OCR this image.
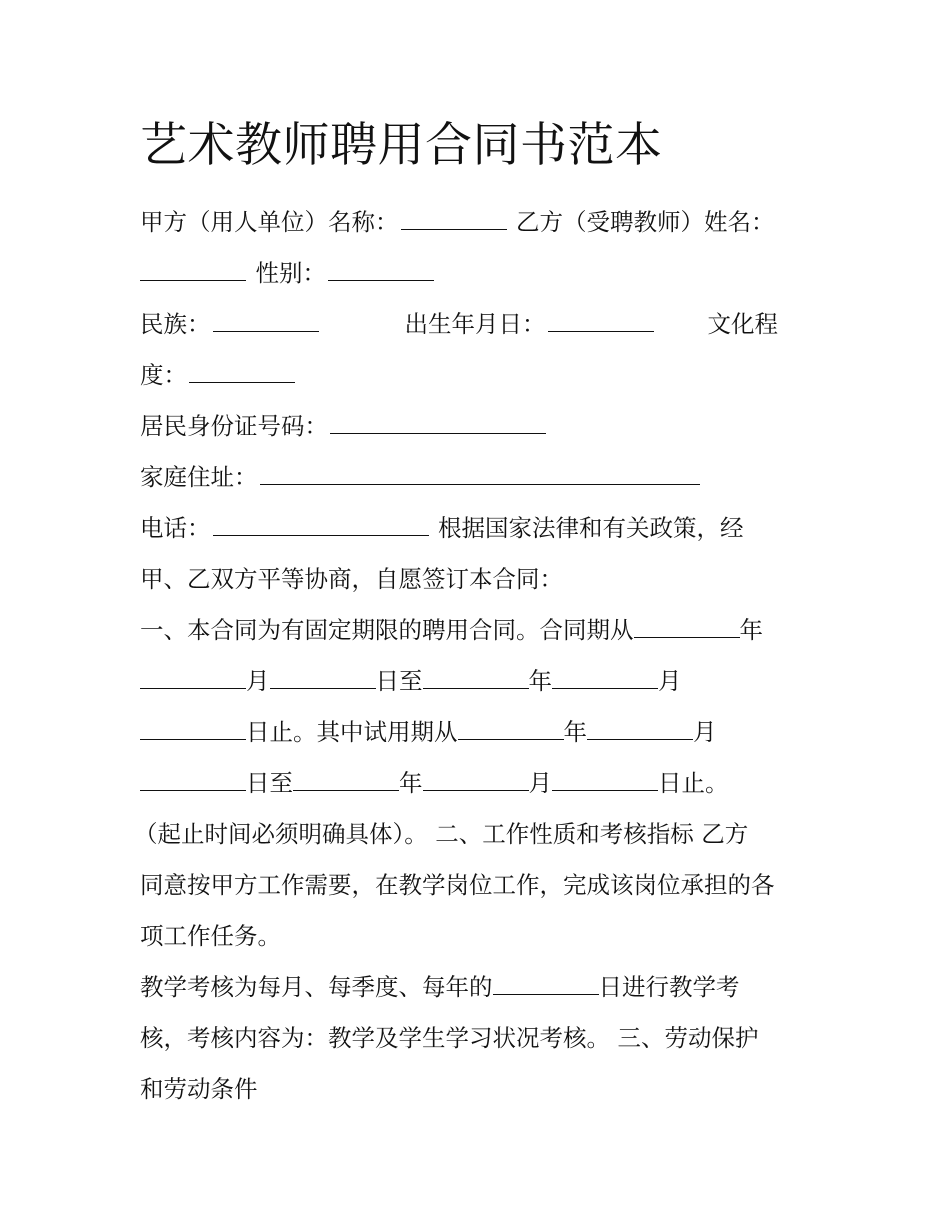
艺术教师聘用合同书范本
甲方（用人单位）名称：	乙方（受聘教师）姓名：
性别：
民族：	出生年月日：	文化程
度：
居民身份证号码：
家庭住址：
电话：	根据国家法律和有关政策，经
甲、乙双方平等协商，自愿签订本合同：
一、本合同为有固定期限的聘用合同。合同期从	年
月	日至	年	月
日止。其中试用期从	年	月
日至	年	月	日止。
（起止时间必须明确具体）。 二、工作性质和考核指标 乙方
同意按甲方工作需要，在教学岗位工作，完成该岗位承担的各
项工作任务。
教学考核为每月、每季度、每年的	日进行教学考
核，考核内容为：教学及学生学习状况考核。 三、劳动保护
和劳动条件
